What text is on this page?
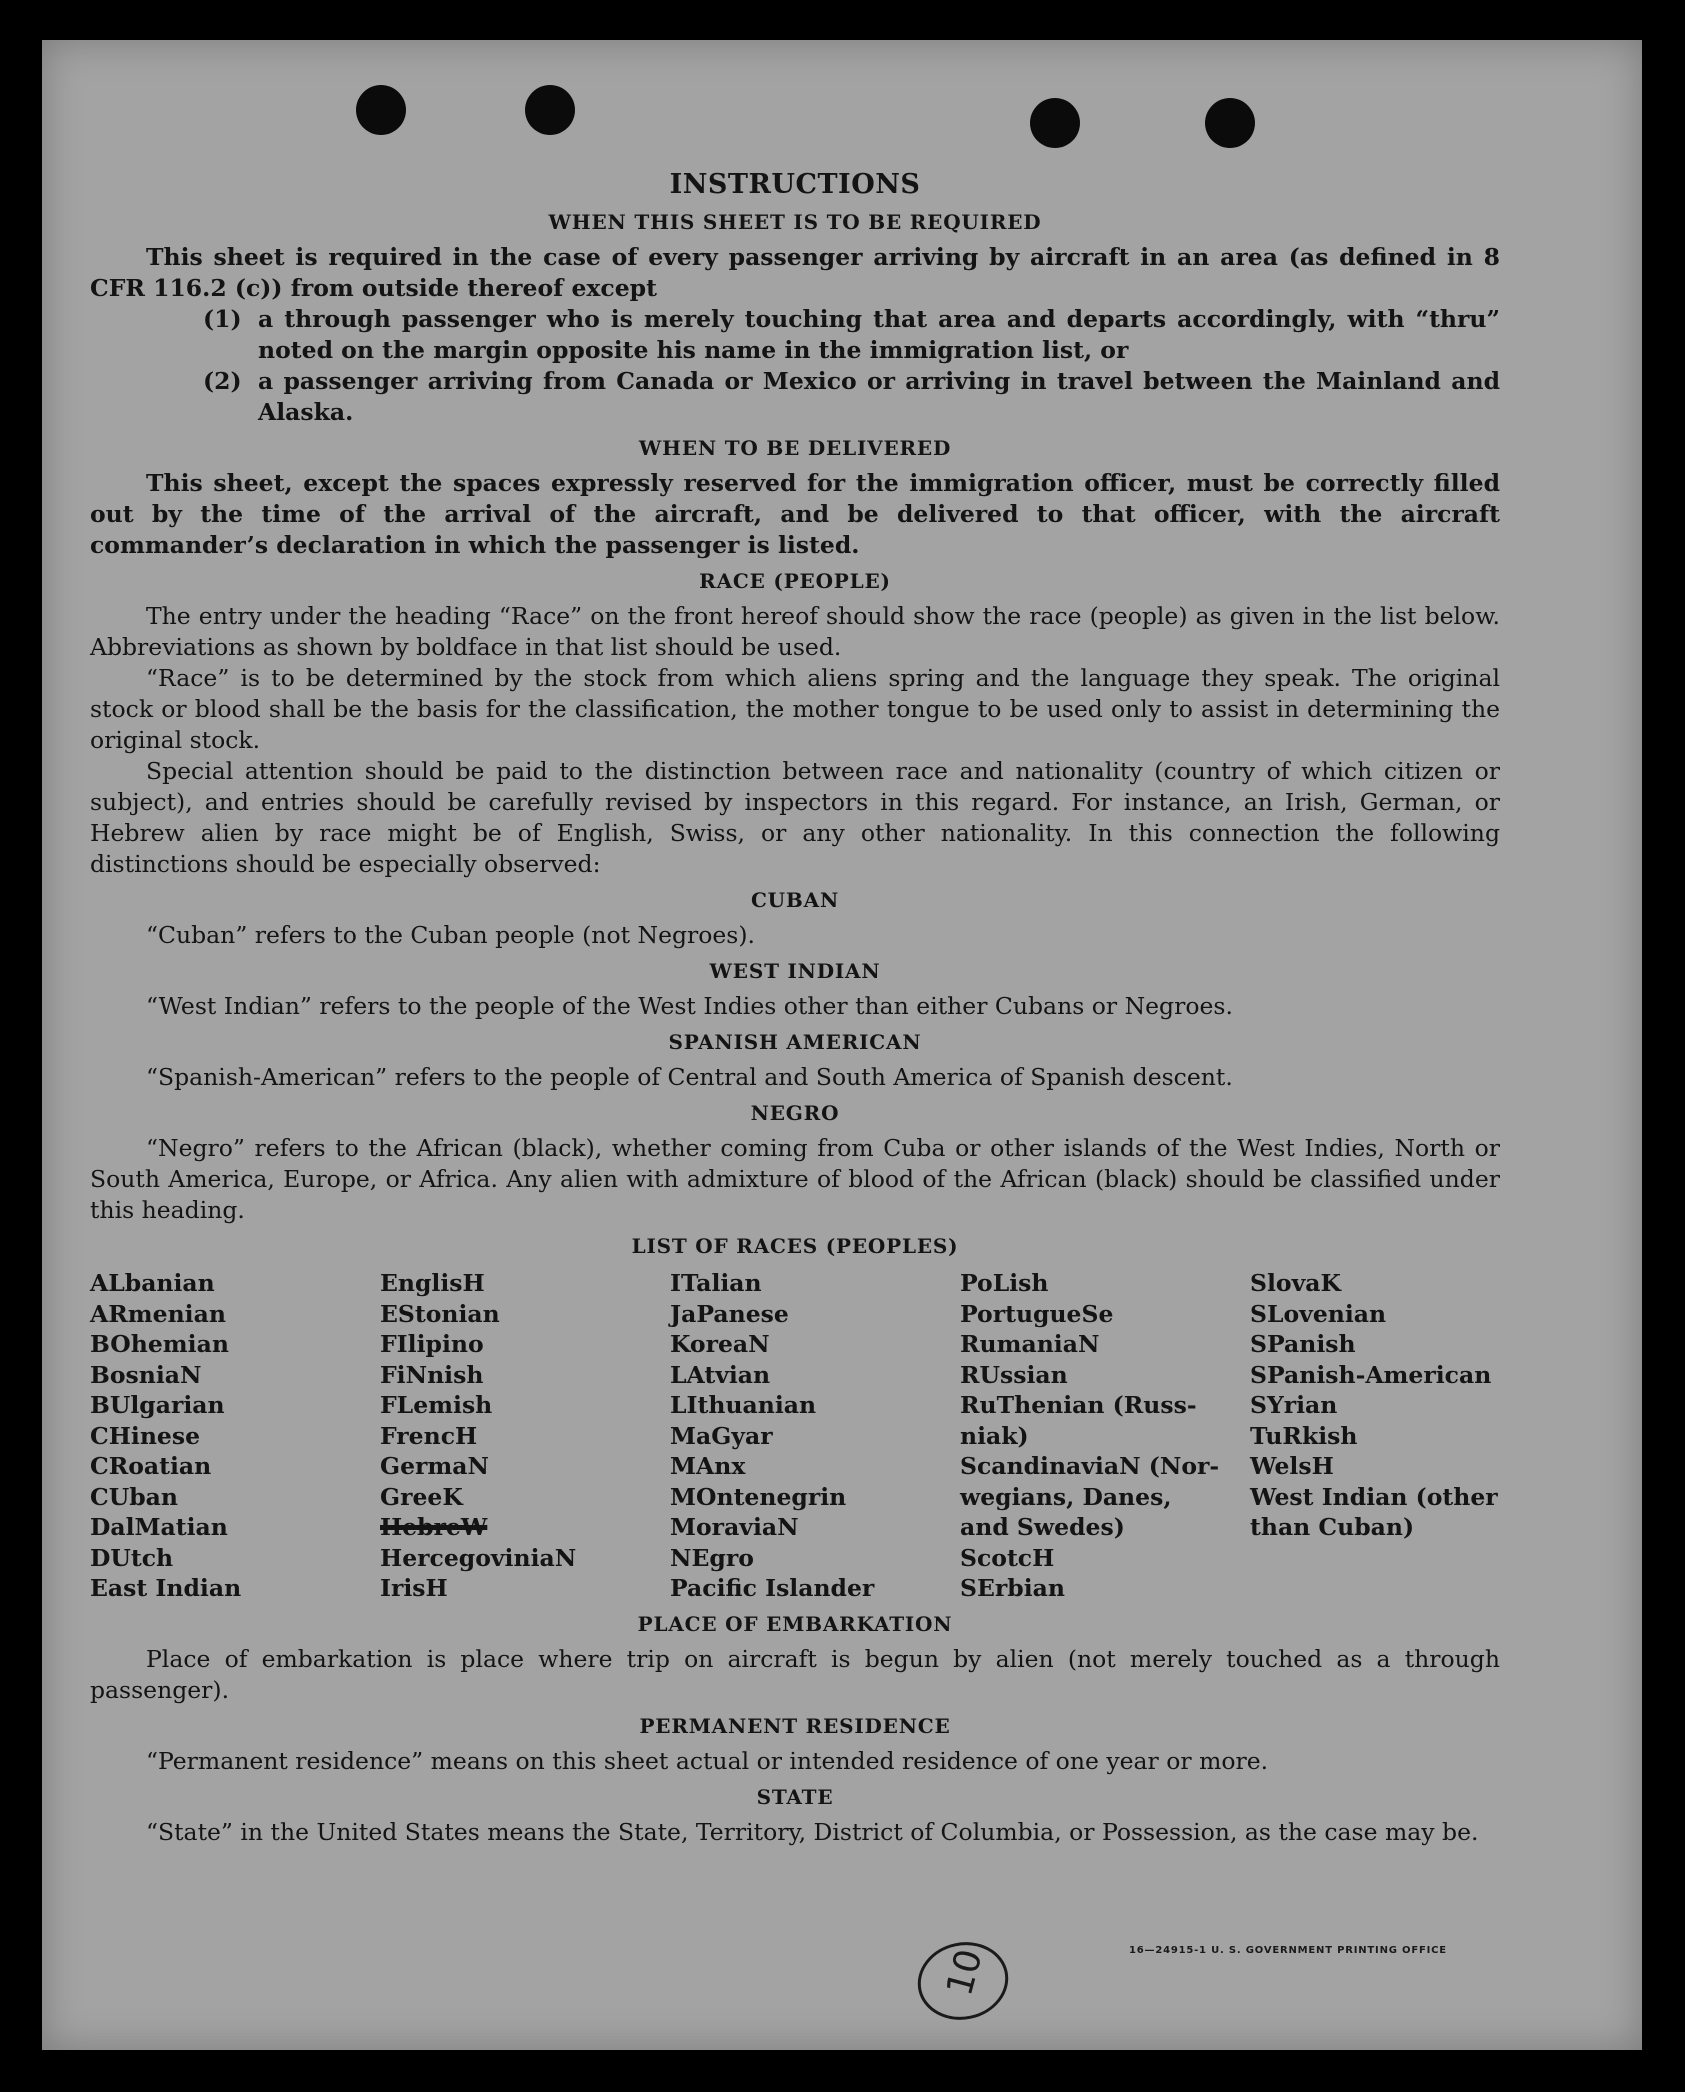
INSTRUCTIONS
WHEN THIS SHEET IS TO BE REQUIRED

This sheet is required in the case of every passenger arriving by aircraft in an area (as defined in 8 CFR 116.2 (c)) from outside thereof except

(1) a through passenger who is merely touching that area and departs accordingly, with “thru” noted on the margin opposite his name in the immigration list, or
(2) a passenger arriving from Canada or Mexico or arriving in travel between the Mainland and Alaska.
WHEN TO BE DELIVERED

This sheet, except the spaces expressly reserved for the immigration officer, must be correctly filled out by the time of the arrival of the aircraft, and be delivered to that officer, with the aircraft commander’s declaration in which the passenger is listed.

RACE (PEOPLE)

The entry under the heading “Race” on the front hereof should show the race (people) as given in the list below. Abbreviations as shown by boldface in that list should be used.

“Race” is to be determined by the stock from which aliens spring and the language they speak. The original stock or blood shall be the basis for the classification, the mother tongue to be used only to assist in determining the original stock.

Special attention should be paid to the distinction between race and nationality (country of which citizen or subject), and entries should be carefully revised by inspectors in this regard. For instance, an Irish, German, or Hebrew alien by race might be of English, Swiss, or any other nationality. In this connection the following distinctions should be especially observed:

CUBAN

“Cuban” refers to the Cuban people (not Negroes).

WEST INDIAN

“West Indian” refers to the people of the West Indies other than either Cubans or Negroes.

SPANISH AMERICAN

“Spanish-American” refers to the people of Central and South America of Spanish descent.

NEGRO

“Negro” refers to the African (black), whether coming from Cuba or other islands of the West Indies, North or South America, Europe, or Africa. Any alien with admixture of blood of the African (black) should be classified under this heading.

LIST OF RACES (PEOPLES)
ALbanian
ARmenian
BOhemian
BosniaN
BUlgarian
CHinese
CRoatian
CUban
DalMatian
DUtch
East Indian
EnglisH
EStonian
FIlipino
FiNnish
FLemish
FrencH
GermaN
GreeK
HebreW
HercegoviniaN
IrisH
ITalian
JaPanese
KoreaN
LAtvian
LIthuanian
MaGyar
MAnx
MOntenegrin
MoraviaN
NEgro
Pacific Islander
PoLish
PortugueSe
RumaniaN
RUssian
RuThenian (Russ-
niak)
ScandinaviaN (Nor-
wegians, Danes,
and Swedes)
ScotcH
SErbian
SlovaK
SLovenian
SPanish
SPanish-American
SYrian
TuRkish
WelsH
West Indian (other
than Cuban)
PLACE OF EMBARKATION

Place of embarkation is place where trip on aircraft is begun by alien (not merely touched as a through passenger).

PERMANENT RESIDENCE

“Permanent residence” means on this sheet actual or intended residence of one year or more.

STATE

“State” in the United States means the State, Territory, District of Columbia, or Possession, as the case may be.

10	16—24915-1 U. S. GOVERNMENT PRINTING OFFICE
